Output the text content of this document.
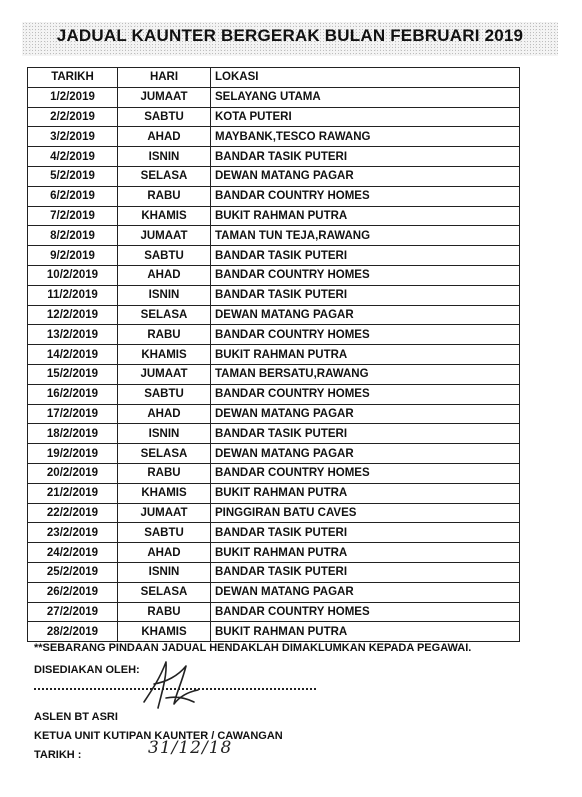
JADUAL KAUNTER BERGERAK BULAN FEBRUARI 2019
TARIKH	HARI	LOKASI
1/2/2019	JUMAAT	SELAYANG UTAMA
2/2/2019	SABTU	KOTA PUTERI
3/2/2019	AHAD	MAYBANK,TESCO RAWANG
4/2/2019	ISNIN	BANDAR TASIK PUTERI
5/2/2019	SELASA	DEWAN MATANG PAGAR
6/2/2019	RABU	BANDAR COUNTRY HOMES
7/2/2019	KHAMIS	BUKIT RAHMAN PUTRA
8/2/2019	JUMAAT	TAMAN TUN TEJA,RAWANG
9/2/2019	SABTU	BANDAR TASIK PUTERI
10/2/2019	AHAD	BANDAR COUNTRY HOMES
11/2/2019	ISNIN	BANDAR TASIK PUTERI
12/2/2019	SELASA	DEWAN MATANG PAGAR
13/2/2019	RABU	BANDAR COUNTRY HOMES
14/2/2019	KHAMIS	BUKIT RAHMAN PUTRA
15/2/2019	JUMAAT	TAMAN BERSATU,RAWANG
16/2/2019	SABTU	BANDAR COUNTRY HOMES
17/2/2019	AHAD	DEWAN MATANG PAGAR
18/2/2019	ISNIN	BANDAR TASIK PUTERI
19/2/2019	SELASA	DEWAN MATANG PAGAR
20/2/2019	RABU	BANDAR COUNTRY HOMES
21/2/2019	KHAMIS	BUKIT RAHMAN PUTRA
22/2/2019	JUMAAT	PINGGIRAN BATU CAVES
23/2/2019	SABTU	BANDAR TASIK PUTERI
24/2/2019	AHAD	BUKIT RAHMAN PUTRA
25/2/2019	ISNIN	BANDAR TASIK PUTERI
26/2/2019	SELASA	DEWAN MATANG PAGAR
27/2/2019	RABU	BANDAR COUNTRY HOMES
28/2/2019	KHAMIS	BUKIT RAHMAN PUTRA
**SEBARANG PINDAAN JADUAL HENDAKLAH DIMAKLUMKAN KEPADA PEGAWAI.
DISEDIAKAN OLEH:
ASLEN BT ASRI
KETUA UNIT KUTIPAN KAUNTER / CAWANGAN
TARIKH :	31/12/18
